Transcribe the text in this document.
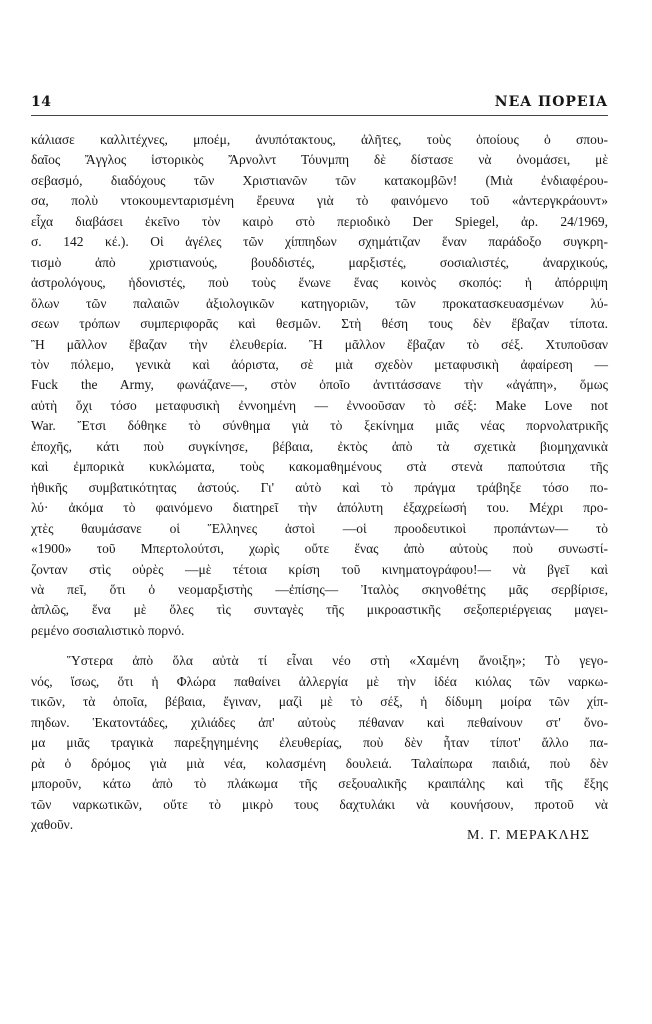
14	ΝΕΑ ΠΟΡΕΙΑ
κάλιασε καλλιτέχνες, μποέμ, ἀνυπότακτους, ἀλῆτες, τοὺς ὁποίους ὁ σπου-
δαῖος Ἄγγλος ἱστορικὸς Ἄρνολντ Τόυνμπη δὲ δίστασε νὰ ὀνομάσει, μὲ
σεβασμό, διαδόχους τῶν Χριστιανῶν τῶν κατακομβῶν! (Μιὰ ἐνδιαφέρου-
σα, πολὺ ντοκουμενταρισμένη ἔρευνα γιὰ τὸ φαινόμενο τοῦ «ἀντεργκράουντ»
εἶχα διαβάσει ἐκεῖνο τὸν καιρὸ στὸ περιοδικὸ Der Spiegel, ἀρ. 24/1969,
σ. 142 κέ.). Οἱ ἀγέλες τῶν χίππηδων σχημάτιζαν ἕναν παράδοξο συγκρη-
τισμὸ ἀπὸ χριστιανούς, βουδδιστές, μαρξιστές, σοσιαλιστές, ἀναρχικούς,
ἀστρολόγους, ἡδονιστές, ποὺ τοὺς ἕνωνε ἕνας κοινὸς σκοπός: ἡ ἀπόρριψη
ὅλων τῶν παλαιῶν ἀξιολογικῶν κατηγοριῶν, τῶν προκατασκευασμένων λύ-
σεων τρόπων συμπεριφορᾶς καὶ θεσμῶν. Στὴ θέση τους δὲν ἔβαζαν τίποτα.
Ἢ μᾶλλον ἔβαζαν τὴν ἐλευθερία. Ἢ μᾶλλον ἔβαζαν τὸ σέξ. Χτυποῦσαν
τὸν πόλεμο, γενικὰ καὶ ἀόριστα, σὲ μιὰ σχεδὸν μεταφυσικὴ ἀφαίρεση —
Fuck the Army, φωνάζανε—, στὸν ὁποῖο ἀντιτάσσανε τὴν «ἀγάπη», ὅμως
αὐτὴ ὄχι τόσο μεταφυσικὴ ἐννοημένη — ἐννοοῦσαν τὸ σέξ: Make Love not
War. Ἔτσι δόθηκε τὸ σύνθημα γιὰ τὸ ξεκίνημα μιᾶς νέας πορνολατρικῆς
ἐποχῆς, κάτι ποὺ συγκίνησε, βέβαια, ἐκτὸς ἀπὸ τὰ σχετικὰ βιομηχανικὰ
καὶ ἐμπορικὰ κυκλώματα, τοὺς κακομαθημένους στὰ στενὰ παπούτσια τῆς
ἠθικῆς συμβατικότητας ἀστούς. Γι' αὐτὸ καὶ τὸ πράγμα τράβηξε τόσο πο-
λύ· ἀκόμα τὸ φαινόμενο διατηρεῖ τὴν ἀπόλυτη ἐξαχρείωσή του. Μέχρι προ-
χτὲς θαυμάσανε οἱ Ἕλληνες ἀστοὶ —οἱ προοδευτικοὶ προπάντων— τὸ
«1900» τοῦ Μπερτολούτσι, χωρὶς οὔτε ἕνας ἀπὸ αὐτοὺς ποὺ συνωστί-
ζονταν στὶς οὐρὲς —μὲ τέτοια κρίση τοῦ κινηματογράφου!— νὰ βγεῖ καὶ
νὰ πεῖ, ὅτι ὁ νεομαρξιστὴς —ἐπίσης— Ἰταλὸς σκηνοθέτης μᾶς σερβίρισε,
ἁπλῶς, ἕνα μὲ ὅλες τὶς συνταγὲς τῆς μικροαστικῆς σεξοπεριέργειας μαγει-
ρεμένο σοσιαλιστικὸ πορνό.
Ὕστερα ἀπὸ ὅλα αὐτὰ τί εἶναι νέο στὴ «Χαμένη ἄνοιξη»; Τὸ γεγο-
νός, ἴσως, ὅτι ἡ Φλώρα παθαίνει ἀλλεργία μὲ τὴν ἰδέα κιόλας τῶν ναρκω-
τικῶν, τὰ ὁποῖα, βέβαια, ἔγιναν, μαζὶ μὲ τὸ σέξ, ἡ δίδυμη μοίρα τῶν χίπ-
πηδων. Ἑκατοντάδες, χιλιάδες ἀπ' αὐτοὺς πέθαναν καὶ πεθαίνουν στ' ὄνο-
μα μιᾶς τραγικὰ παρεξηγημένης ἐλευθερίας, ποὺ δὲν ἦταν τίποτ' ἄλλο πα-
ρὰ ὁ δρόμος γιὰ μιὰ νέα, κολασμένη δουλειά. Ταλαίπωρα παιδιά, ποὺ δὲν
μποροῦν, κάτω ἀπὸ τὸ πλάκωμα τῆς σεξουαλικῆς κραιπάλης καὶ τῆς ἕξης
τῶν ναρκωτικῶν, οὔτε τὸ μικρὸ τους δαχτυλάκι νὰ κουνήσουν, προτοῦ νὰ
χαθοῦν.
Μ. Γ. ΜΕΡΑΚΛΗΣ
